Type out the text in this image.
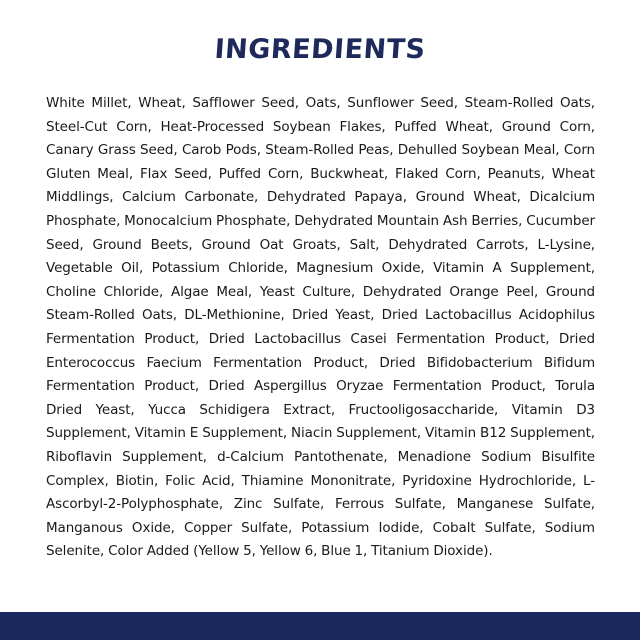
INGREDIENTS
White Millet, Wheat, Safflower Seed, Oats, Sunflower Seed, Steam-Rolled Oats, Steel-Cut Corn, Heat-Processed Soybean Flakes, Puffed Wheat, Ground Corn, Canary Grass Seed, Carob Pods, Steam-Rolled Peas, Dehulled Soybean Meal, Corn Gluten Meal, Flax Seed, Puffed Corn, Buckwheat, Flaked Corn, Peanuts, Wheat Middlings, Calcium Carbonate, Dehydrated Papaya, Ground Wheat, Dicalcium Phosphate, Monocalcium Phosphate, Dehydrated Mountain Ash Berries, Cucumber Seed, Ground Beets, Ground Oat Groats, Salt, Dehydrated Carrots, L-Lysine, Vegetable Oil, Potassium Chloride, Magnesium Oxide, Vitamin A Supplement, Choline Chloride, Algae Meal, Yeast Culture, Dehydrated Orange Peel, Ground Steam-Rolled Oats, DL-Methionine, Dried Yeast, Dried Lactobacillus Acidophilus Fermentation Product, Dried Lactobacillus Casei Fermentation Product, Dried Enterococcus Faecium Fermentation Product, Dried Bifidobacterium Bifidum Fermentation Product, Dried Aspergillus Oryzae Fermentation Product, Torula Dried Yeast, Yucca Schidigera Extract, Fructooligosaccharide, Vitamin D3 Supplement, Vitamin E Supplement, Niacin Supplement, Vitamin B12 Supplement, Riboflavin Supplement, d-Calcium Pantothenate, Menadione Sodium Bisulfite Complex, Biotin, Folic Acid, Thiamine Mononitrate, Pyridoxine Hydrochloride, L-Ascorbyl-2-Polyphosphate, Zinc Sulfate, Ferrous Sulfate, Manganese Sulfate, Manganous Oxide, Copper Sulfate, Potassium Iodide, Cobalt Sulfate, Sodium Selenite, Color Added (Yellow 5, Yellow 6, Blue 1, Titanium Dioxide).
